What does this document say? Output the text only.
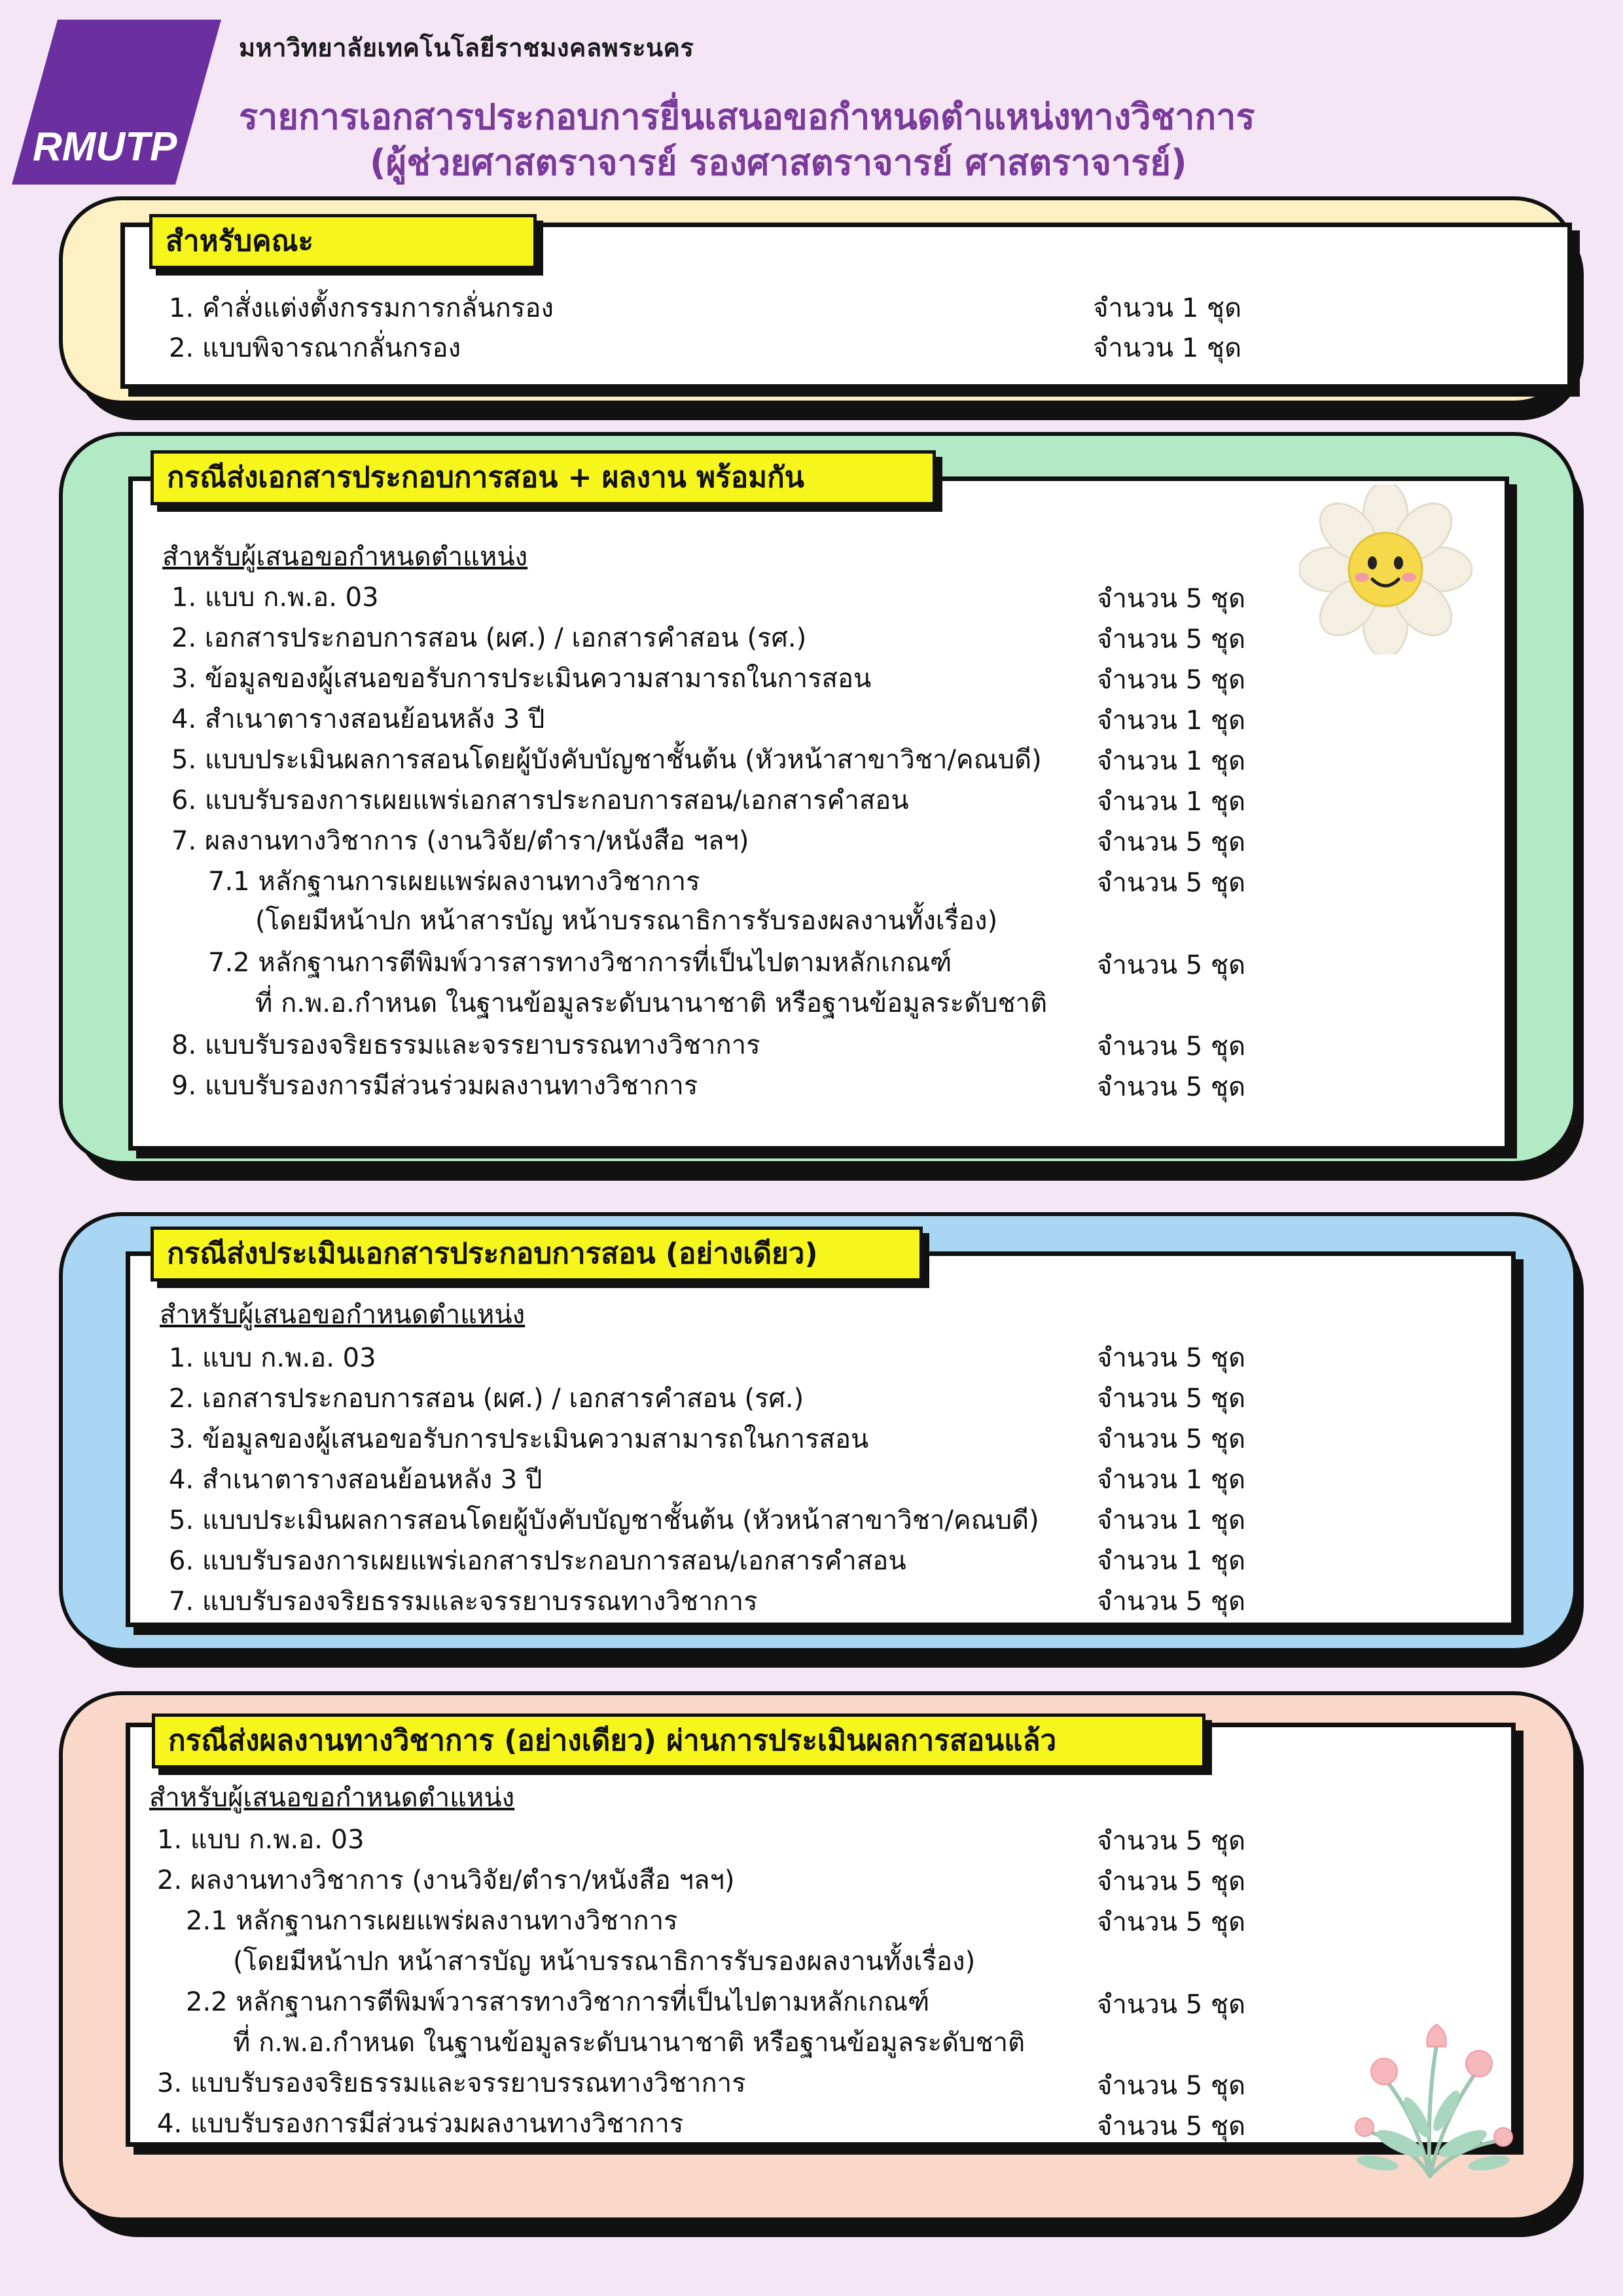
RMUTP
มหาวิทยาลัยเทคโนโลยีราชมงคลพระนคร
รายการเอกสารประกอบการยื่นเสนอขอกำหนดตำแหน่งทางวิชาการ
(ผู้ช่วยศาสตราจารย์ รองศาสตราจารย์ ศาสตราจารย์)
สำหรับคณะ
1. คำสั่งแต่งตั้งกรรมการกลั่นกรอง	จำนวน 1 ชุด
2. แบบพิจารณากลั่นกรอง	จำนวน 1 ชุด
กรณีส่งเอกสารประกอบการสอน + ผลงาน พร้อมกัน
สำหรับผู้เสนอขอกำหนดตำแหน่ง
1. แบบ ก.พ.อ. 03	จำนวน 5 ชุด
2. เอกสารประกอบการสอน (ผศ.) / เอกสารคำสอน (รศ.)	จำนวน 5 ชุด
3. ข้อมูลของผู้เสนอขอรับการประเมินความสามารถในการสอน	จำนวน 5 ชุด
4. สำเนาตารางสอนย้อนหลัง 3 ปี	จำนวน 1 ชุด
5. แบบประเมินผลการสอนโดยผู้บังคับบัญชาชั้นต้น (หัวหน้าสาขาวิชา/คณบดี) จำนวน 1 ชุด
6. แบบรับรองการเผยแพร่เอกสารประกอบการสอน/เอกสารคำสอน	จำนวน 1 ชุด
7. ผลงานทางวิชาการ (งานวิจัย/ตำรา/หนังสือ ฯลฯ)	จำนวน 5 ชุด
7.1 หลักฐานการเผยแพร่ผลงานทางวิชาการ	จำนวน 5 ชุด
(โดยมีหน้าปก หน้าสารบัญ หน้าบรรณาธิการรับรองผลงานทั้งเรื่อง)
7.2 หลักฐานการตีพิมพ์วารสารทางวิชาการที่เป็นไปตามหลักเกณฑ์	จำนวน 5 ชุด
ที่ ก.พ.อ.กำหนด ในฐานข้อมูลระดับนานาชาติ หรือฐานข้อมูลระดับชาติ
8. แบบรับรองจริยธรรมและจรรยาบรรณทางวิชาการ	จำนวน 5 ชุด
9. แบบรับรองการมีส่วนร่วมผลงานทางวิชาการ	จำนวน 5 ชุด
กรณีส่งประเมินเอกสารประกอบการสอน (อย่างเดียว)
สำหรับผู้เสนอขอกำหนดตำแหน่ง
1. แบบ ก.พ.อ. 03	จำนวน 5 ชุด
2. เอกสารประกอบการสอน (ผศ.) / เอกสารคำสอน (รศ.)	จำนวน 5 ชุด
3. ข้อมูลของผู้เสนอขอรับการประเมินความสามารถในการสอน	จำนวน 5 ชุด
4. สำเนาตารางสอนย้อนหลัง 3 ปี	จำนวน 1 ชุด
5. แบบประเมินผลการสอนโดยผู้บังคับบัญชาชั้นต้น (หัวหน้าสาขาวิชา/คณบดี) จำนวน 1 ชุด
6. แบบรับรองการเผยแพร่เอกสารประกอบการสอน/เอกสารคำสอน	จำนวน 1 ชุด
7. แบบรับรองจริยธรรมและจรรยาบรรณทางวิชาการ	จำนวน 5 ชุด
กรณีส่งผลงานทางวิชาการ (อย่างเดียว) ผ่านการประเมินผลการสอนแล้ว
สำหรับผู้เสนอขอกำหนดตำแหน่ง
1. แบบ ก.พ.อ. 03	จำนวน 5 ชุด
2. ผลงานทางวิชาการ (งานวิจัย/ตำรา/หนังสือ ฯลฯ)	จำนวน 5 ชุด
2.1 หลักฐานการเผยแพร่ผลงานทางวิชาการ	จำนวน 5 ชุด
(โดยมีหน้าปก หน้าสารบัญ หน้าบรรณาธิการรับรองผลงานทั้งเรื่อง)
2.2 หลักฐานการตีพิมพ์วารสารทางวิชาการที่เป็นไปตามหลักเกณฑ์	จำนวน 5 ชุด
ที่ ก.พ.อ.กำหนด ในฐานข้อมูลระดับนานาชาติ หรือฐานข้อมูลระดับชาติ
3. แบบรับรองจริยธรรมและจรรยาบรรณทางวิชาการ	จำนวน 5 ชุด
4. แบบรับรองการมีส่วนร่วมผลงานทางวิชาการ	จำนวน 5 ชุด
